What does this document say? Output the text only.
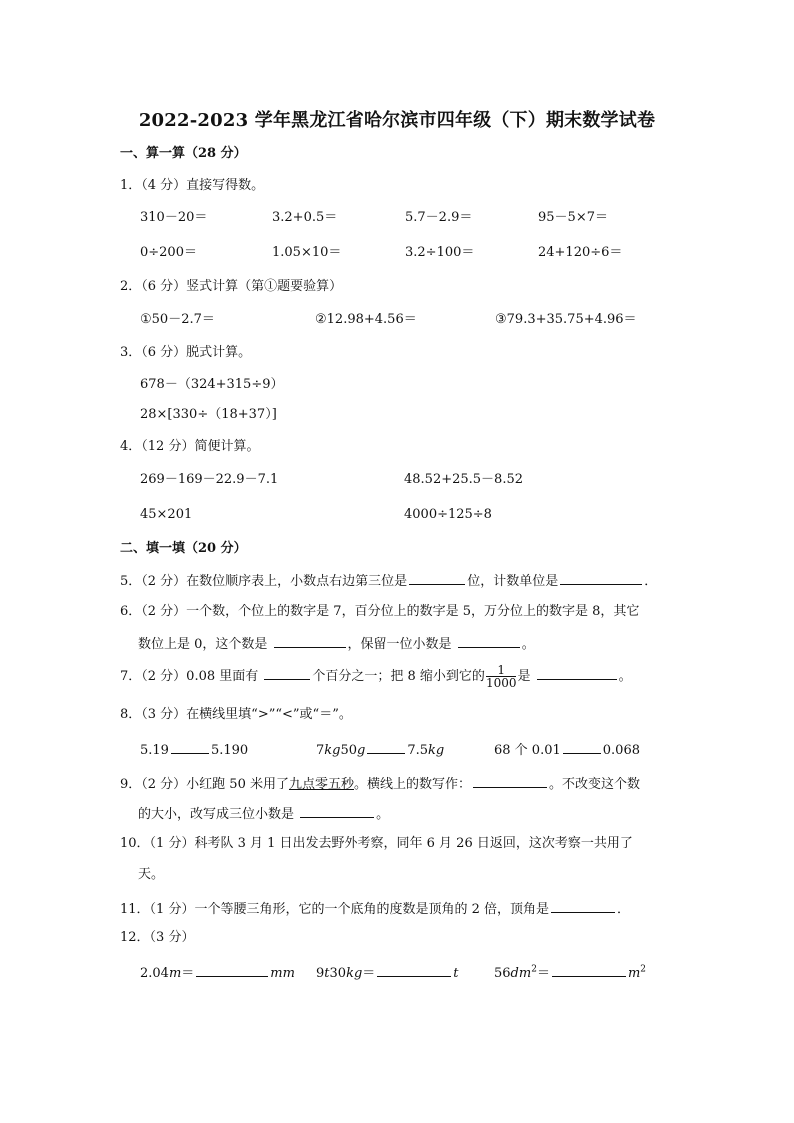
2022-2023 学年黑龙江省哈尔滨市四年级（下）期末数学试卷
一、算一算（28 分）
1．（4 分）直接写得数。
310－20＝	3.2+0.5＝	5.7－2.9＝	95－5×7＝
0÷200＝	1.05×10＝	3.2÷100＝	24+120÷6＝
2．（6 分）竖式计算（第①题要验算）
①50－2.7＝	②12.98+4.56＝	③79.3+35.75+4.96＝
3．（6 分）脱式计算。
678－（324+315÷9）
28×[330÷（18+37）]
4．（12 分）简便计算。
269－169－22.9－7.1	48.52+25.5－8.52
45×201	4000÷125÷8
二、填一填（20 分）
5．（2 分）在数位顺序表上，小数点右边第三位是	位，计数单位是	．
6．（2 分）一个数，个位上的数字是 7，百分位上的数字是 5，万分位上的数字是 8，其它
数位上是 0，这个数是	，保留一位小数是	。
7．（2 分）0.08 里面有	个百分之一；把 8 缩小到它的 $\frac{1}{1000}$ 是	。
8．（3 分）在横线里填“>”“<”或“＝”。
5.19	5.190	7kg50g	7.5kg	68 个 0.01	0.068
9．（2 分）小红跑 50 米用了九点零五秒。横线上的数写作：	。不改变这个数
的大小，改写成三位小数是	。
10．（1 分）科考队 3 月 1 日出发去野外考察，同年 6 月 26 日返回，这次考察一共用了
天。
11．（1 分）一个等腰三角形，它的一个底角的度数是顶角的 2 倍，顶角是	．
12．（3 分）
2.04m＝	mm 9t30kg＝	t	$56dm^2=$	$m^2$
